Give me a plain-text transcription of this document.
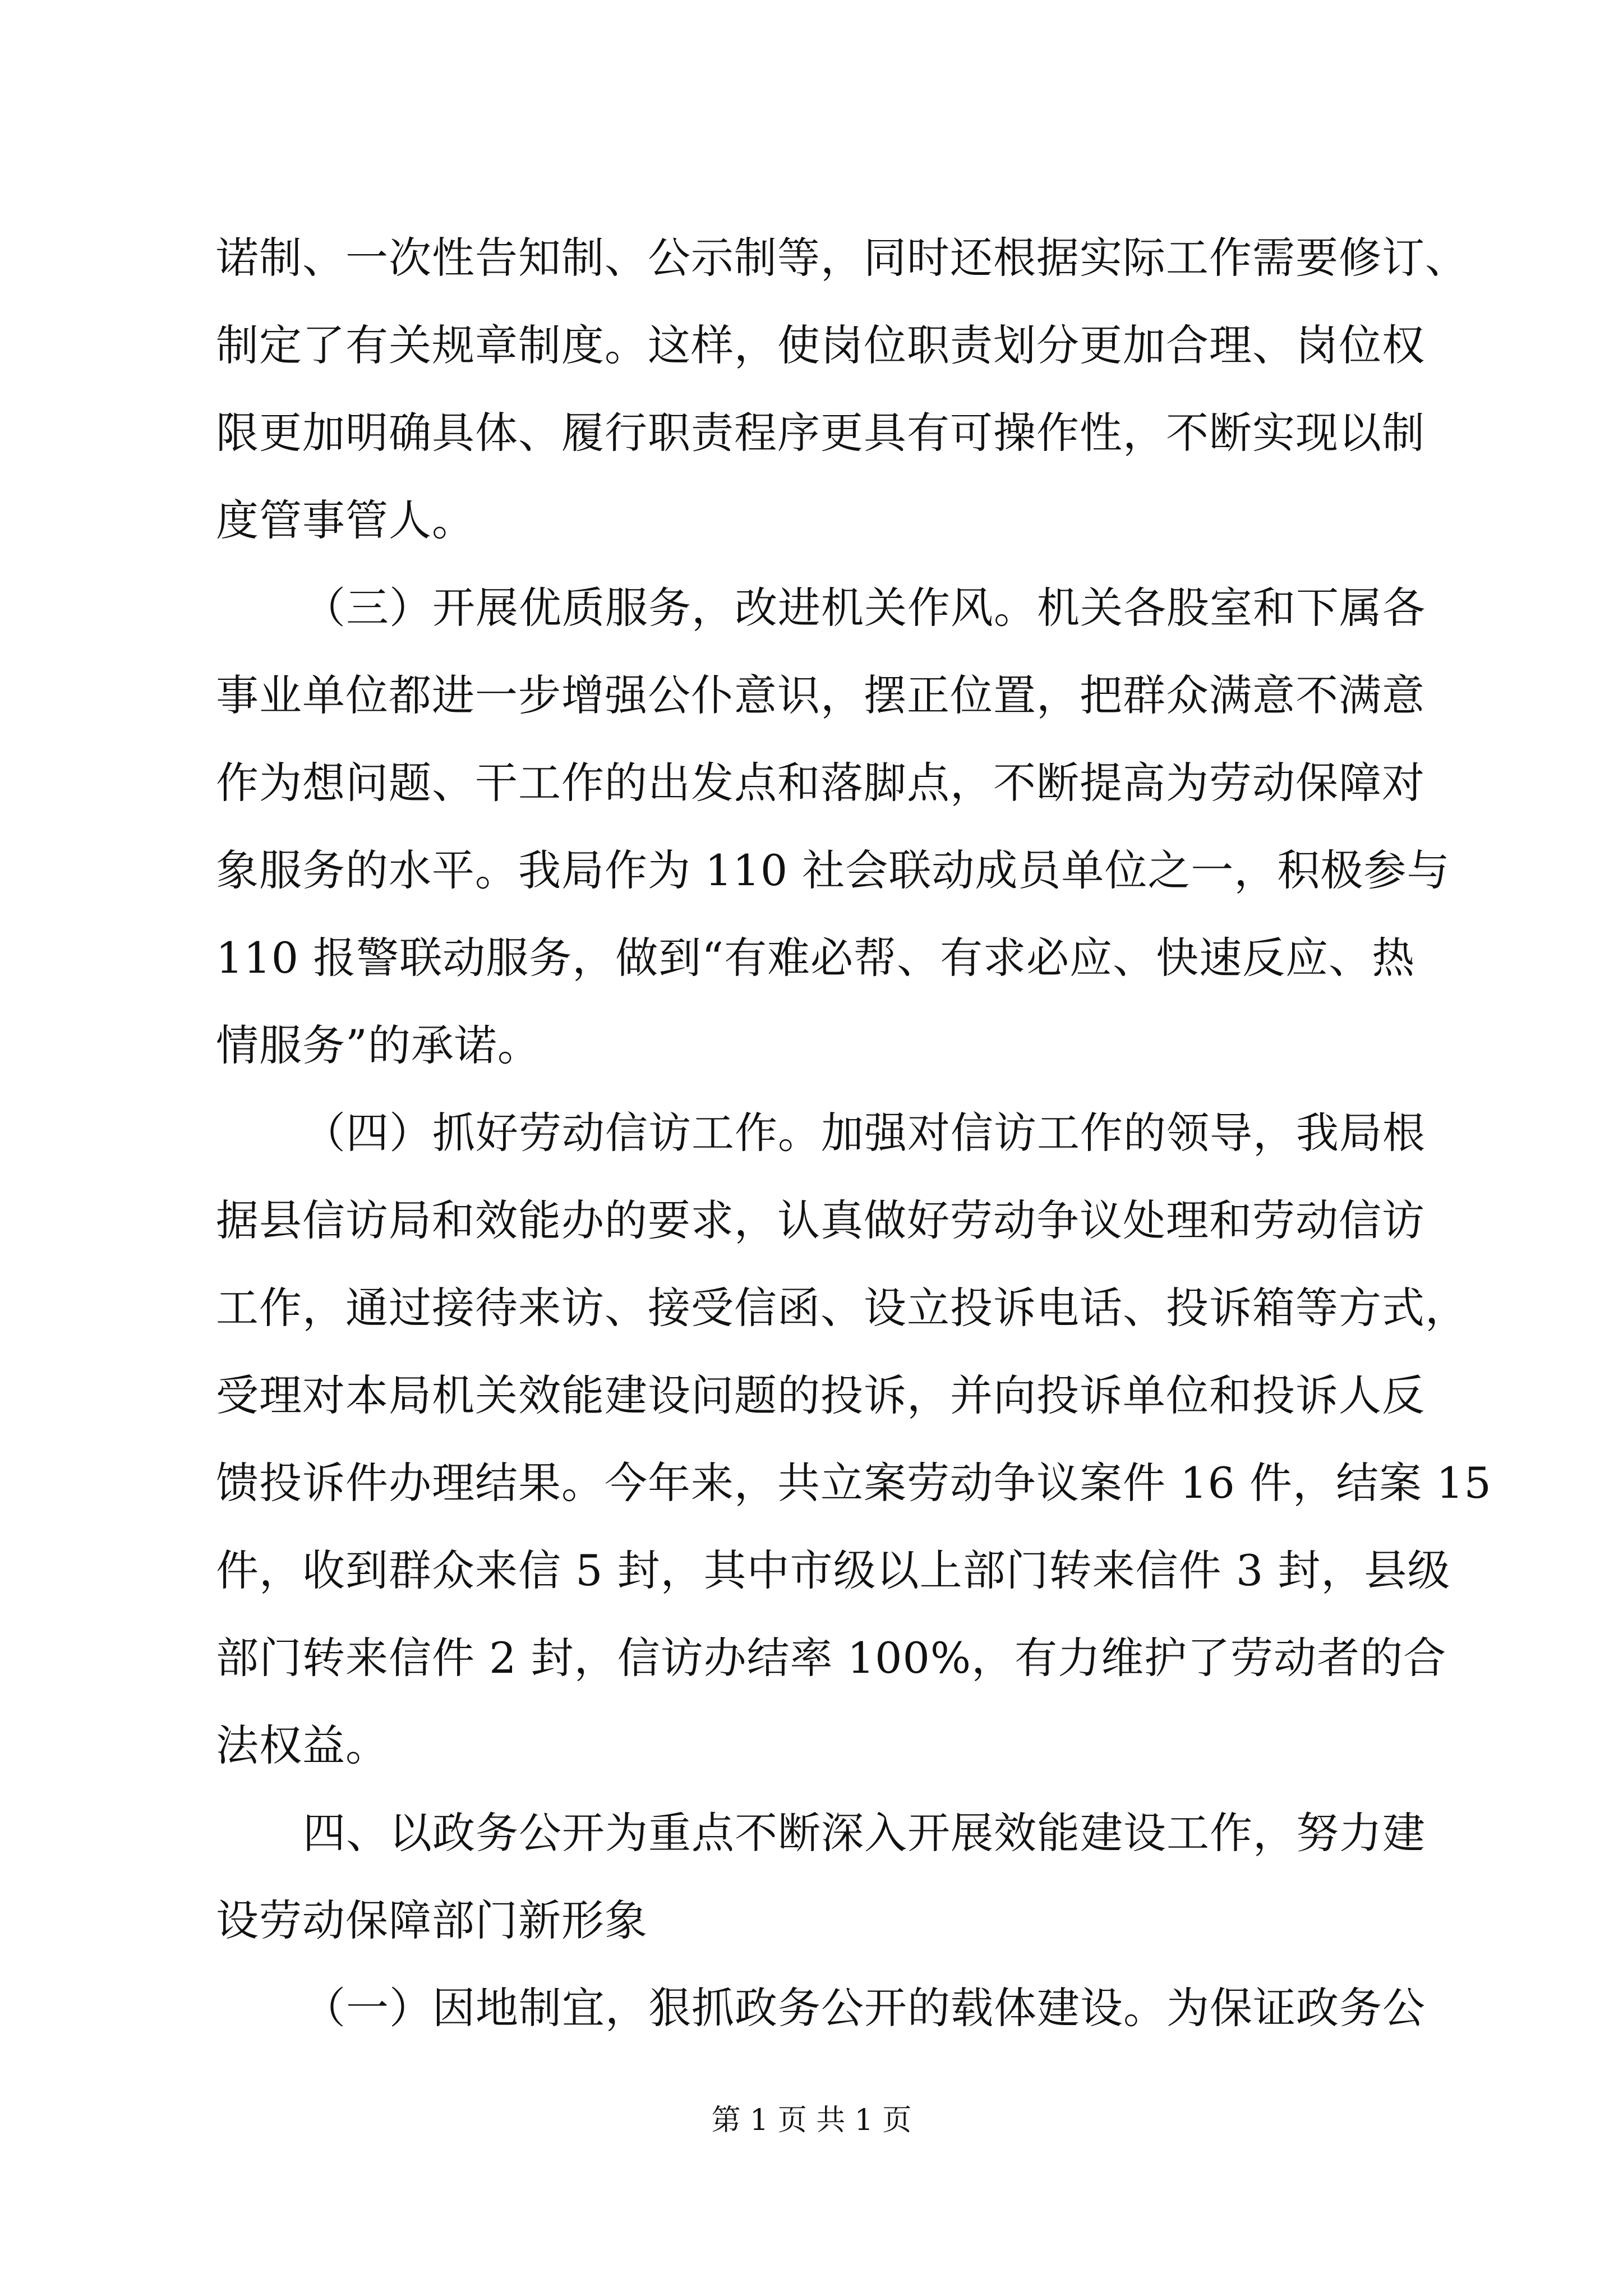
诺制、一次性告知制、公示制等，同时还根据实际工作需要修订、
制定了有关规章制度。这样，使岗位职责划分更加合理、岗位权
限更加明确具体、履行职责程序更具有可操作性，不断实现以制
度管事管人。
（三）开展优质服务，改进机关作风。机关各股室和下属各
事业单位都进一步增强公仆意识，摆正位置，把群众满意不满意
作为想问题、干工作的出发点和落脚点，不断提高为劳动保障对
象服务的水平。我局作为 110 社会联动成员单位之一，积极参与
110 报警联动服务，做到“有难必帮、有求必应、快速反应、热
情服务”的承诺。
（四）抓好劳动信访工作。加强对信访工作的领导，我局根
据县信访局和效能办的要求，认真做好劳动争议处理和劳动信访
工作，通过接待来访、接受信函、设立投诉电话、投诉箱等方式，
受理对本局机关效能建设问题的投诉，并向投诉单位和投诉人反
馈投诉件办理结果。今年来，共立案劳动争议案件 16 件，结案 15
件，收到群众来信 5 封，其中市级以上部门转来信件 3 封，县级
部门转来信件 2 封，信访办结率 100%，有力维护了劳动者的合
法权益。
四、以政务公开为重点不断深入开展效能建设工作，努力建
设劳动保障部门新形象
（一）因地制宜，狠抓政务公开的载体建设。为保证政务公
第 1 页 共 1 页
